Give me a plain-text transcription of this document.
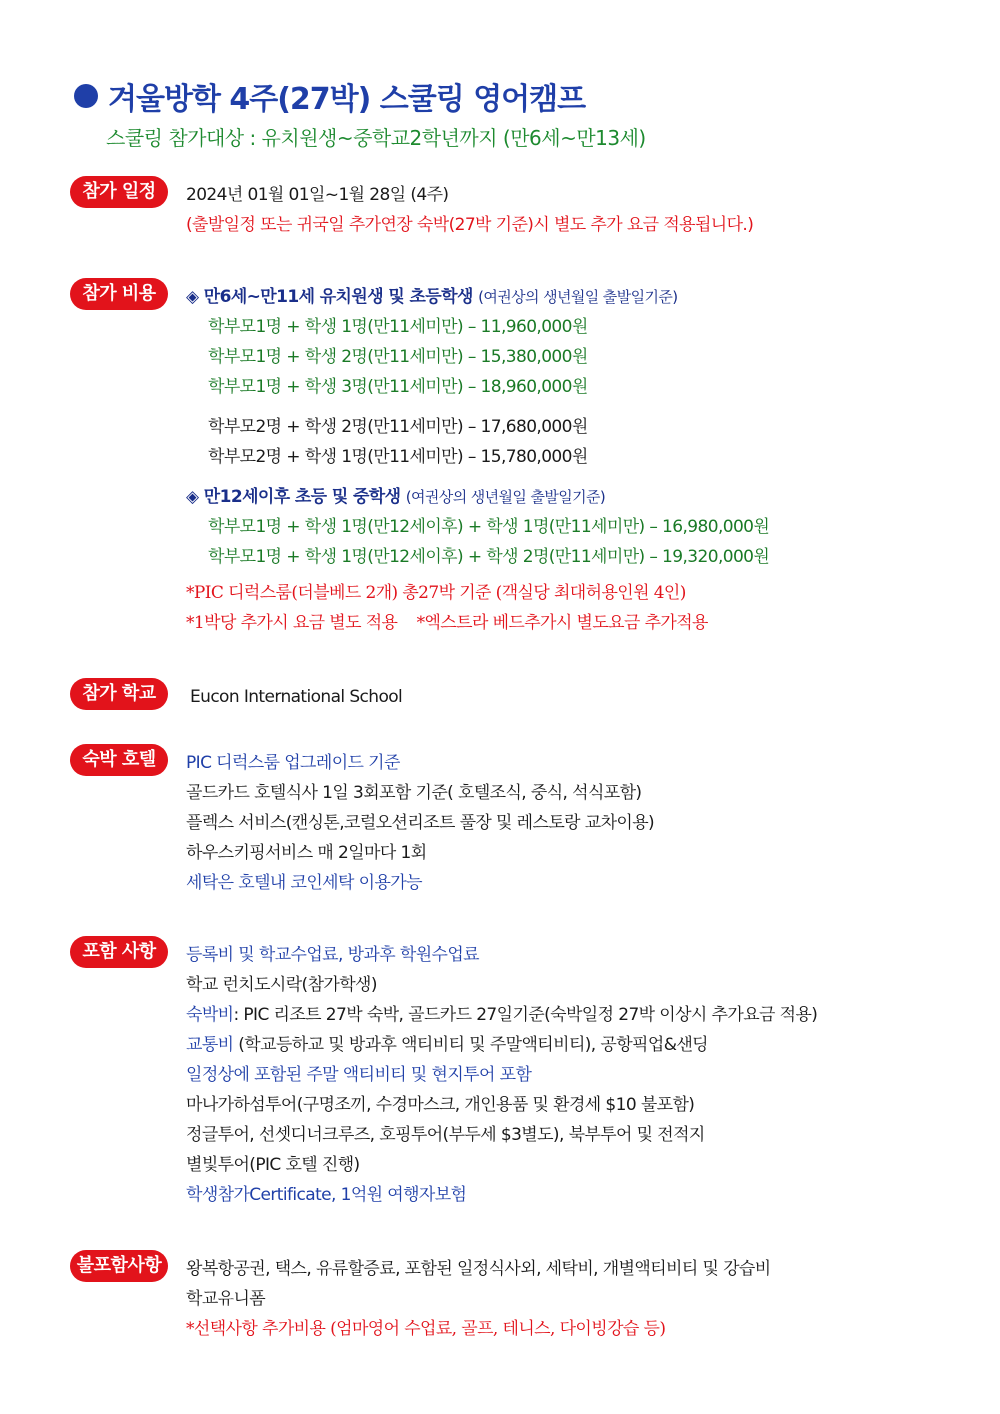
겨울방학 4주(27박) 스쿨링 영어캠프
스쿨링 참가대상 : 유치원생~중학교2학년까지 (만6세~만13세)
참가 일정	2024년 01월 01일~1월 28일 (4주)
(출발일정 또는 귀국일 추가연장 숙박(27박 기준)시 별도 추가 요금 적용됩니다.)
참가 비용	◈ 만6세~만11세 유치원생 및 초등학생 (여권상의 생년월일 출발일기준)
학부모1명 + 학생 1명(만11세미만) – 11,960,000원
학부모1명 + 학생 2명(만11세미만) – 15,380,000원
학부모1명 + 학생 3명(만11세미만) – 18,960,000원
학부모2명 + 학생 2명(만11세미만) – 17,680,000원
학부모2명 + 학생 1명(만11세미만) – 15,780,000원
◈ 만12세이후 초등 및 중학생 (여권상의 생년월일 출발일기준)
학부모1명 + 학생 1명(만12세이후) + 학생 1명(만11세미만) – 16,980,000원
학부모1명 + 학생 1명(만12세이후) + 학생 2명(만11세미만) – 19,320,000원
*PIC 디럭스룸(더블베드 2개) 총27박 기준 (객실당 최대허용인원 4인)
*1박당 추가시 요금 별도 적용    *엑스트라 베드추가시 별도요금 추가적용
참가 학교	Eucon International School
숙박 호텔	PIC 디럭스룸 업그레이드 기준
골드카드 호텔식사 1일 3회포함 기준( 호텔조식, 중식, 석식포함)
플렉스 서비스(캔싱톤,코럴오션리조트 풀장 및 레스토랑 교차이용)
하우스키핑서비스 매 2일마다 1회
세탁은 호텔내 코인세탁 이용가능
포함 사항	등록비 및 학교수업료, 방과후 학원수업료
학교 런치도시락(참가학생)
숙박비: PIC 리조트 27박 숙박, 골드카드 27일기준(숙박일정 27박 이상시 추가요금 적용)
교통비 (학교등하교 및 방과후 액티비티 및 주말액티비티), 공항픽업&샌딩
일정상에 포함된 주말 액티비티 및 현지투어 포함
마나가하섬투어(구명조끼, 수경마스크, 개인용품 및 환경세 $10 불포함)
정글투어, 선셋디너크루즈, 호핑투어(부두세 $3별도), 북부투어 및 전적지
별빛투어(PIC 호텔 진행)
학생참가Certificate, 1억원 여행자보험
불포함사항	왕복항공권, 택스, 유류할증료, 포함된 일정식사외, 세탁비, 개별액티비티 및 강습비
학교유니폼
*선택사항 추가비용 (엄마영어 수업료, 골프, 테니스, 다이빙강습 등)
